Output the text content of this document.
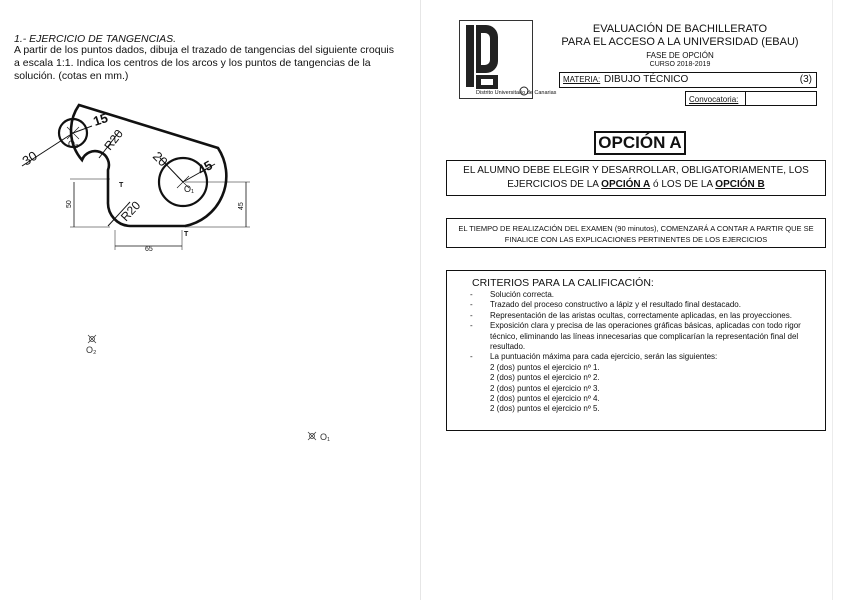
1.- EJERCICIO DE TANGENCIAS.
A partir de los puntos dados, dibuja el trazado de tangencias del siguiente croquis a escala 1:1. Indica los centros de los arcos y los puntos de tangencias de la solución. (cotas en mm.)
15
30
R20
20 45
R20
50	45
65
O₂
O₁
T
T
O₂
O₁
Distrito Universitario de Canarias
EVALUACIÓN DE BACHILLERATO
PARA EL ACCESO A LA UNIVERSIDAD (EBAU)
FASE DE OPCIÓN
CURSO 2018-2019
MATERIA: DIBUJO TÉCNICO	(3)
Convocatoria:
OPCIÓN A
EL ALUMNO DEBE ELEGIR Y DESARROLLAR, OBLIGATORIAMENTE, LOS EJERCICIOS DE LA OPCIÓN A ó LOS DE LA OPCIÓN B
EL TIEMPO DE REALIZACIÓN DEL EXAMEN (90 minutos), COMENZARÁ A CONTAR A PARTIR QUE SE FINALICE CON LAS EXPLICACIONES PERTINENTES DE LOS EJERCICIOS
CRITERIOS PARA LA CALIFICACIÓN:
- Solución correcta.
- Trazado del proceso constructivo a lápiz y el resultado final destacado.
- Representación de las aristas ocultas, correctamente aplicadas, en las proyecciones.
- Exposición clara y precisa de las operaciones gráficas básicas, aplicadas con todo rigor técnico, eliminando las líneas innecesarias que complicarían la representación final del resultado.
- La puntuación máxima para cada ejercicio, serán las siguientes:
2 (dos) puntos el ejercicio nº 1.
2 (dos) puntos el ejercicio nº 2.
2 (dos) puntos el ejercicio nº 3.
2 (dos) puntos el ejercicio nº 4.
2 (dos) puntos el ejercicio nº 5.
